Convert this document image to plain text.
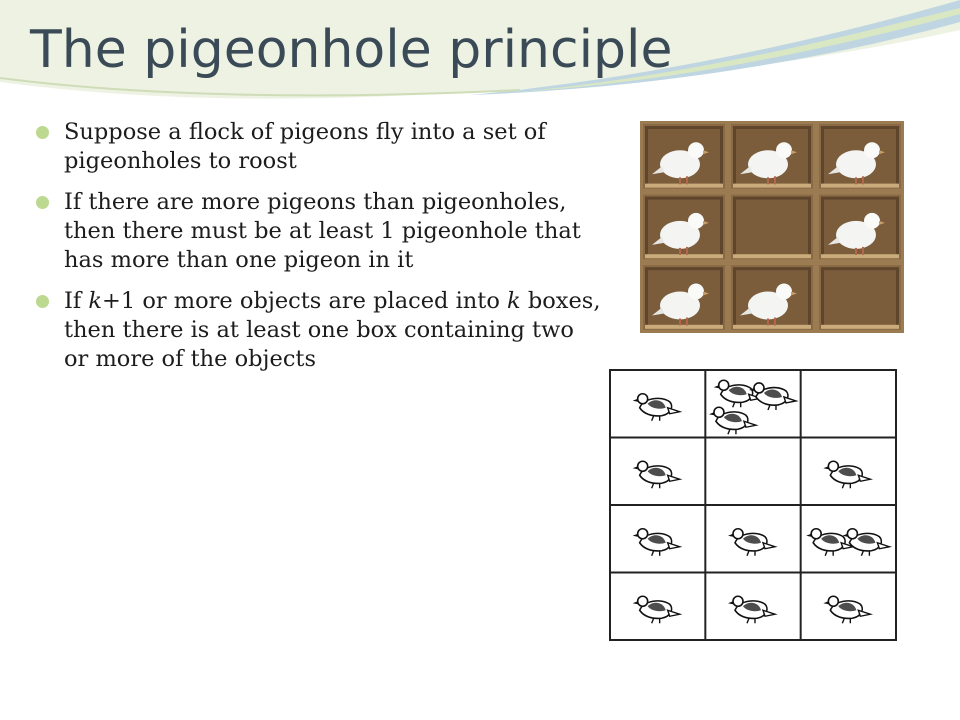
The pigeonhole principle
Suppose a flock of pigeons fly into a set of pigeonholes to roost
If there are more pigeons than pigeonholes, then there must be at least 1 pigeonhole that has more than one pigeon in it
If k+1 or more objects are placed into k boxes, then there is at least one box containing two or more of the objects
